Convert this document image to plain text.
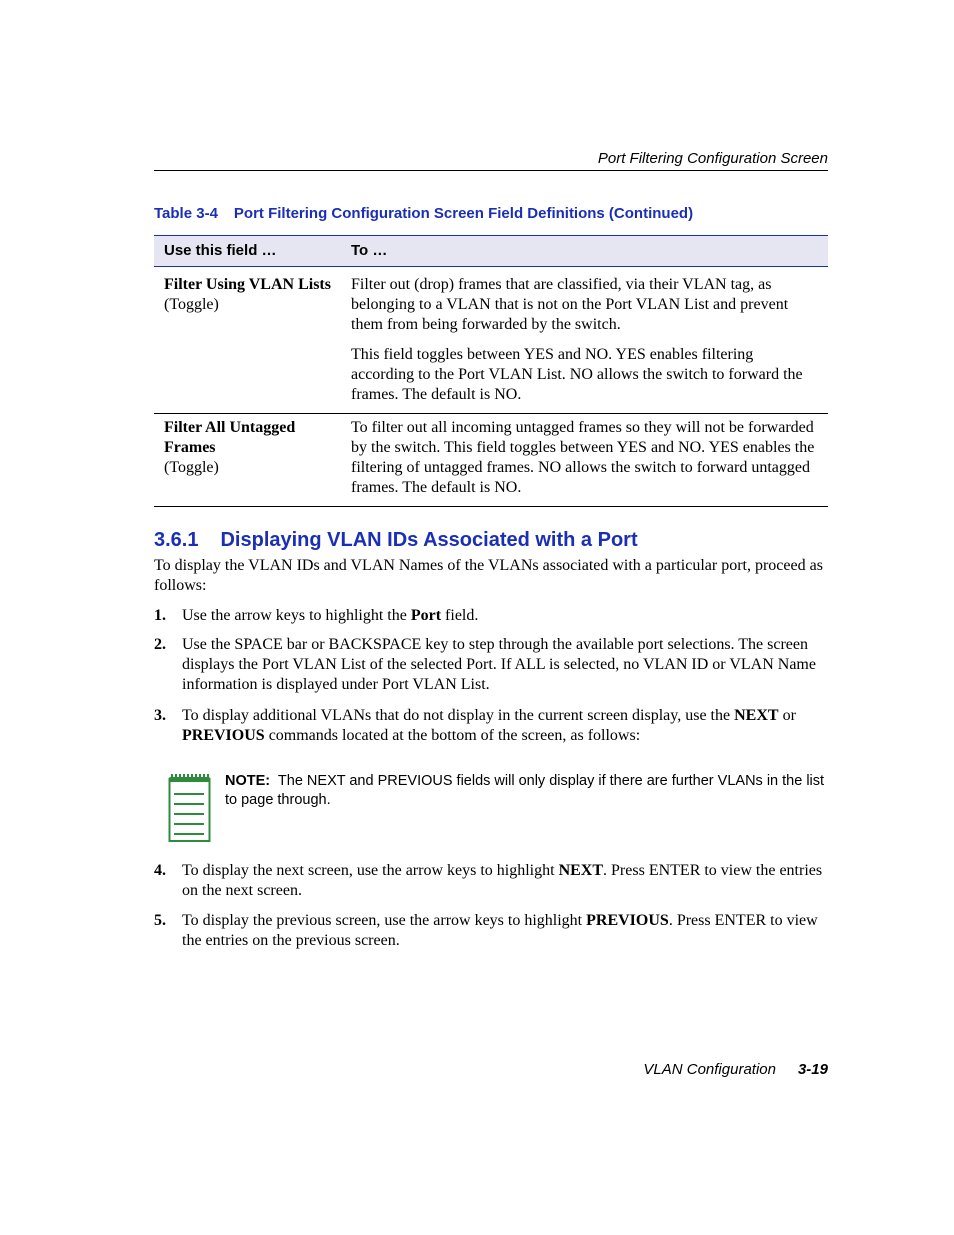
Port Filtering Configuration Screen
Table 3-4 Port Filtering Configuration Screen Field Definitions (Continued)
Use this field …	To …
Filter Using VLAN Lists (Toggle)	Filter out (drop) frames that are classified, via their VLAN tag, as belonging to a VLAN that is not on the Port VLAN List and prevent them from being forwarded by the switch.

This field toggles between YES and NO. YES enables filtering according to the Port VLAN List. NO allows the switch to forward the frames. The default is NO.

Filter All Untagged Frames
(Toggle)	To filter out all incoming untagged frames so they will not be forwarded by the switch. This field toggles between YES and NO. YES enables the filtering of untagged frames. NO allows the switch to forward untagged frames. The default is NO.

3.6.1 Displaying VLAN IDs Associated with a Port
To display the VLAN IDs and VLAN Names of the VLANs associated with a particular port, proceed as follows:
1. Use the arrow keys to highlight the Port field.
2. Use the SPACE bar or BACKSPACE key to step through the available port selections. The screen displays the Port VLAN List of the selected Port. If ALL is selected, no VLAN ID or VLAN Name information is displayed under Port VLAN List.
3. To display additional VLANs that do not display in the current screen display, use the NEXT or PREVIOUS commands located at the bottom of the screen, as follows:
NOTE: The NEXT and PREVIOUS fields will only display if there are further VLANs in the list to page through.
4. To display the next screen, use the arrow keys to highlight NEXT. Press ENTER to view the entries on the next screen.
5. To display the previous screen, use the arrow keys to highlight PREVIOUS. Press ENTER to view the entries on the previous screen.
VLAN Configuration 3-19
